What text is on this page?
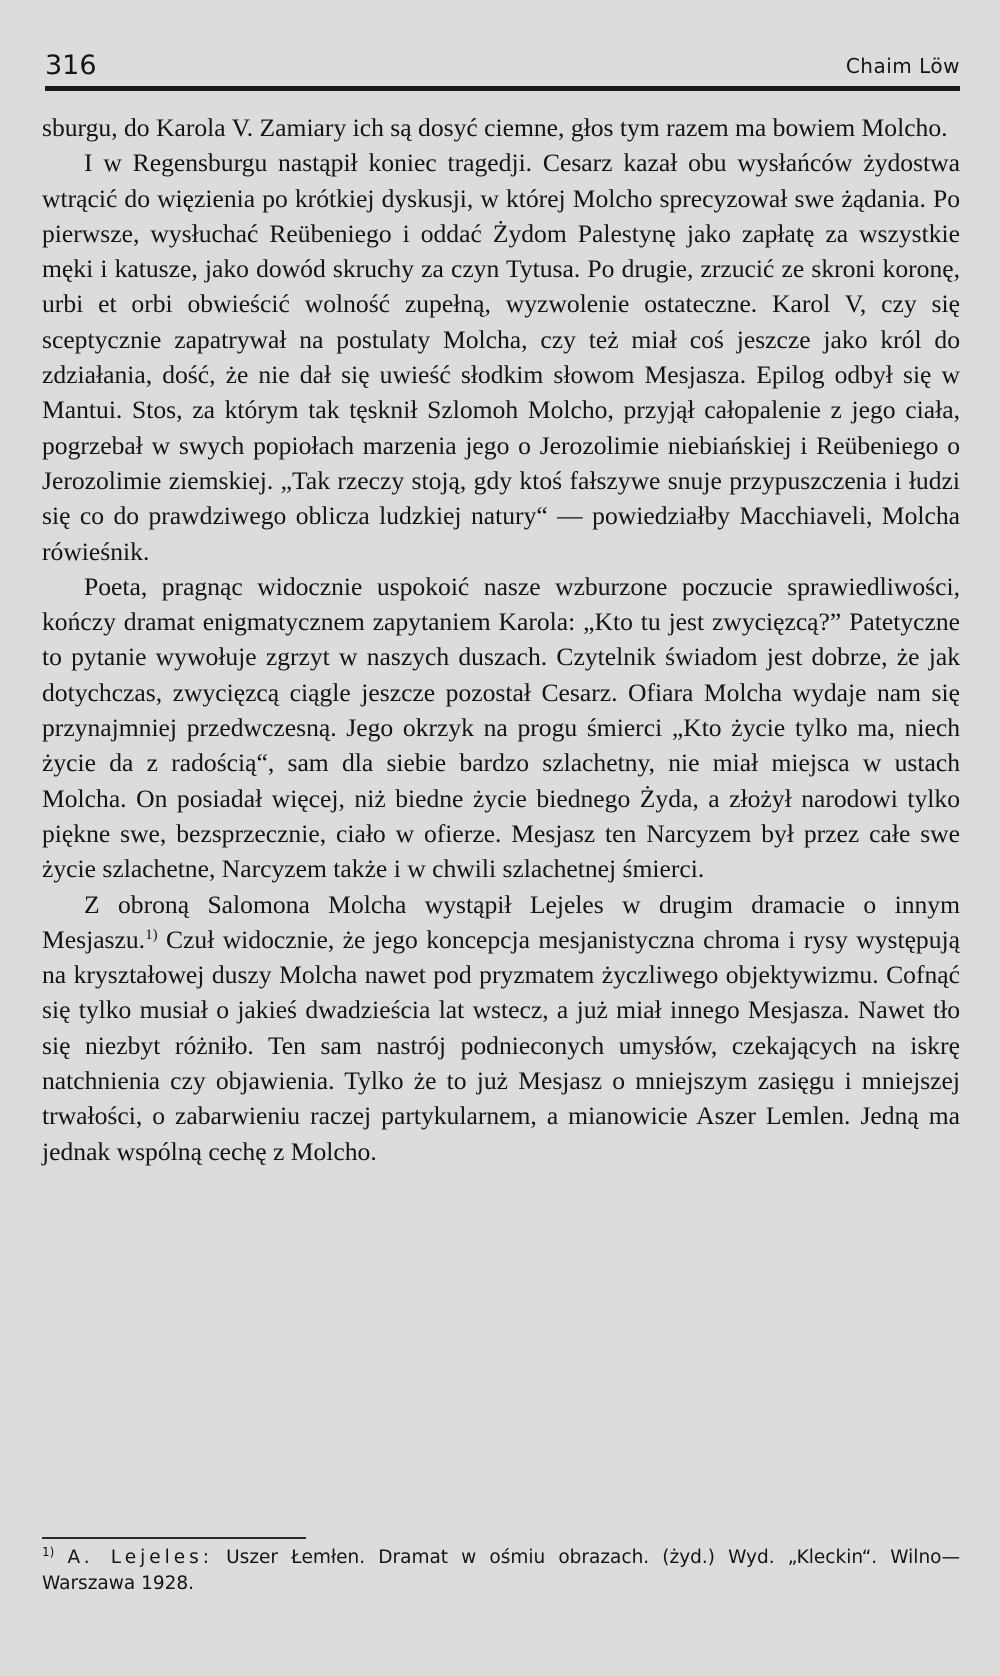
316	Chaim Löw

sburgu, do Karola V. Zamiary ich są dosyć ciemne, głos tym razem ma bowiem Molcho.

I w Regensburgu nastąpił koniec tragedji. Cesarz kazał obu wysłańców żydostwa wtrącić do więzienia po krótkiej dyskusji, w której Molcho sprecyzował swe żądania. Po pierwsze, wysłuchać Reübeniego i oddać Żydom Palestynę jako zapłatę za wszystkie męki i katusze, jako dowód skruchy za czyn Tytusa. Po drugie, zrzucić ze skroni koronę, urbi et orbi obwieścić wolność zupełną, wyzwolenie ostateczne. Karol V, czy się sceptycznie zapatrywał na postulaty Molcha, czy też miał coś jeszcze jako król do zdziałania, dość, że nie dał się uwieść słodkim słowom Mesjasza. Epilog odbył się w Mantui. Stos, za którym tak tęsknił Szlomoh Molcho, przyjął całopalenie z jego ciała, pogrzebał w swych popiołach marzenia jego o Jerozolimie niebiańskiej i Reübeniego o Jerozolimie ziemskiej. „Tak rzeczy stoją, gdy ktoś fałszywe snuje przypuszczenia i łudzi się co do prawdziwego oblicza ludzkiej natury“ — powiedziałby Macchiaveli, Molcha rówieśnik.

Poeta, pragnąc widocznie uspokoić nasze wzburzone poczucie sprawiedliwości, kończy dramat enigmatycznem zapytaniem Karola: „Kto tu jest zwycięzcą?” Patetyczne to pytanie wywołuje zgrzyt w naszych duszach. Czytelnik świadom jest dobrze, że jak dotychczas, zwycięzcą ciągle jeszcze pozostał Cesarz. Ofiara Molcha wydaje nam się przynajmniej przedwczesną. Jego okrzyk na progu śmierci „Kto życie tylko ma, niech życie da z radością“, sam dla siebie bardzo szlachetny, nie miał miejsca w ustach Molcha. On posiadał więcej, niż biedne życie biednego Żyda, a złożył narodowi tylko piękne swe, bezsprzecznie, ciało w ofierze. Mesjasz ten Narcyzem był przez całe swe życie szlachetne, Narcyzem także i w chwili szlachetnej śmierci.

Z obroną Salomona Molcha wystąpił Lejeles w drugim dramacie o innym Mesjaszu.$^{1)}$ Czuł widocznie, że jego koncepcja mesjanistyczna chroma i rysy występują na kryształowej duszy Molcha nawet pod pryzmatem życzliwego objektywizmu. Cofnąć się tylko musiał o jakieś dwadzieścia lat wstecz, a już miał innego Mesjasza. Nawet tło się niezbyt różniło. Ten sam nastrój podnieconych umysłów, czekających na iskrę natchnienia czy objawienia. Tylko że to już Mesjasz o mniejszym zasięgu i mniejszej trwałości, o zabarwieniu raczej partykularnem, a mianowicie Aszer Lemlen. Jedną ma jednak wspólną cechę z Molcho.

$^{1)}$ A. Lejeles: Uszer Łemłen. Dramat w ośmiu obrazach. (żyd.) Wyd. „Kleckin“. Wilno—Warszawa 1928.
